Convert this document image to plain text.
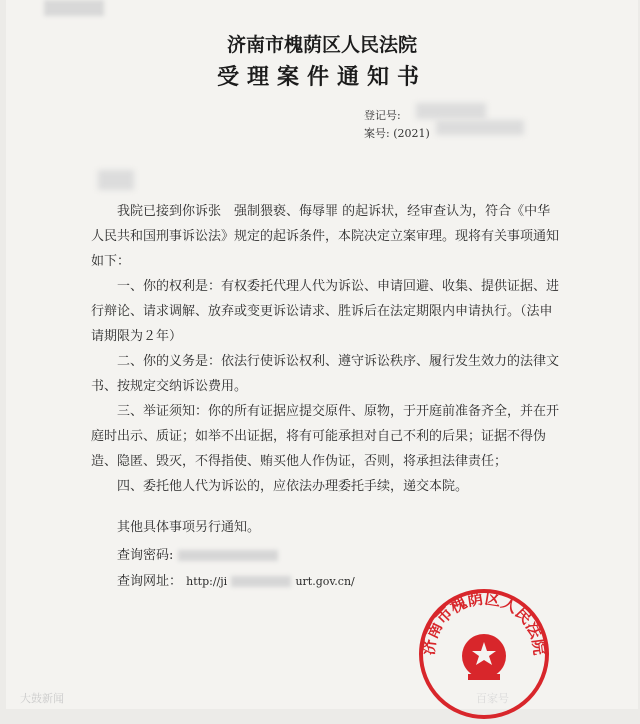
济南市槐荫区人民法院
受理案件通知书
登记号:
案号: (2021)

我院已接到你诉张　强制猥亵、侮辱罪 的起诉状，经审查认为，符合《中华人民共和国刑事诉讼法》规定的起诉条件，本院决定立案审理。现将有关事项通知如下：

一、你的权利是：有权委托代理人代为诉讼、申请回避、收集、提供证据、进行辩论、请求调解、放弃或变更诉讼请求、胜诉后在法定期限内申请执行。（法申请期限为２年）

二、你的义务是：依法行使诉讼权利、遵守诉讼秩序、履行发生效力的法律文书、按规定交纳诉讼费用。

三、举证须知：你的所有证据应提交原件、原物，于开庭前准备齐全，并在开庭时出示、质证；如举不出证据，将有可能承担对自己不利的后果；证据不得伪造、隐匿、毁灭，不得指使、贿买他人作伪证，否则，将承担法律责任；

四、委托他人代为诉讼的，应依法办理委托手续，递交本院。

其他具体事项另行通知。
查询密码:
查询网址： http://ji	urt.gov.cn/
济南市槐荫区人民法院
大鼓新闻	百家号
